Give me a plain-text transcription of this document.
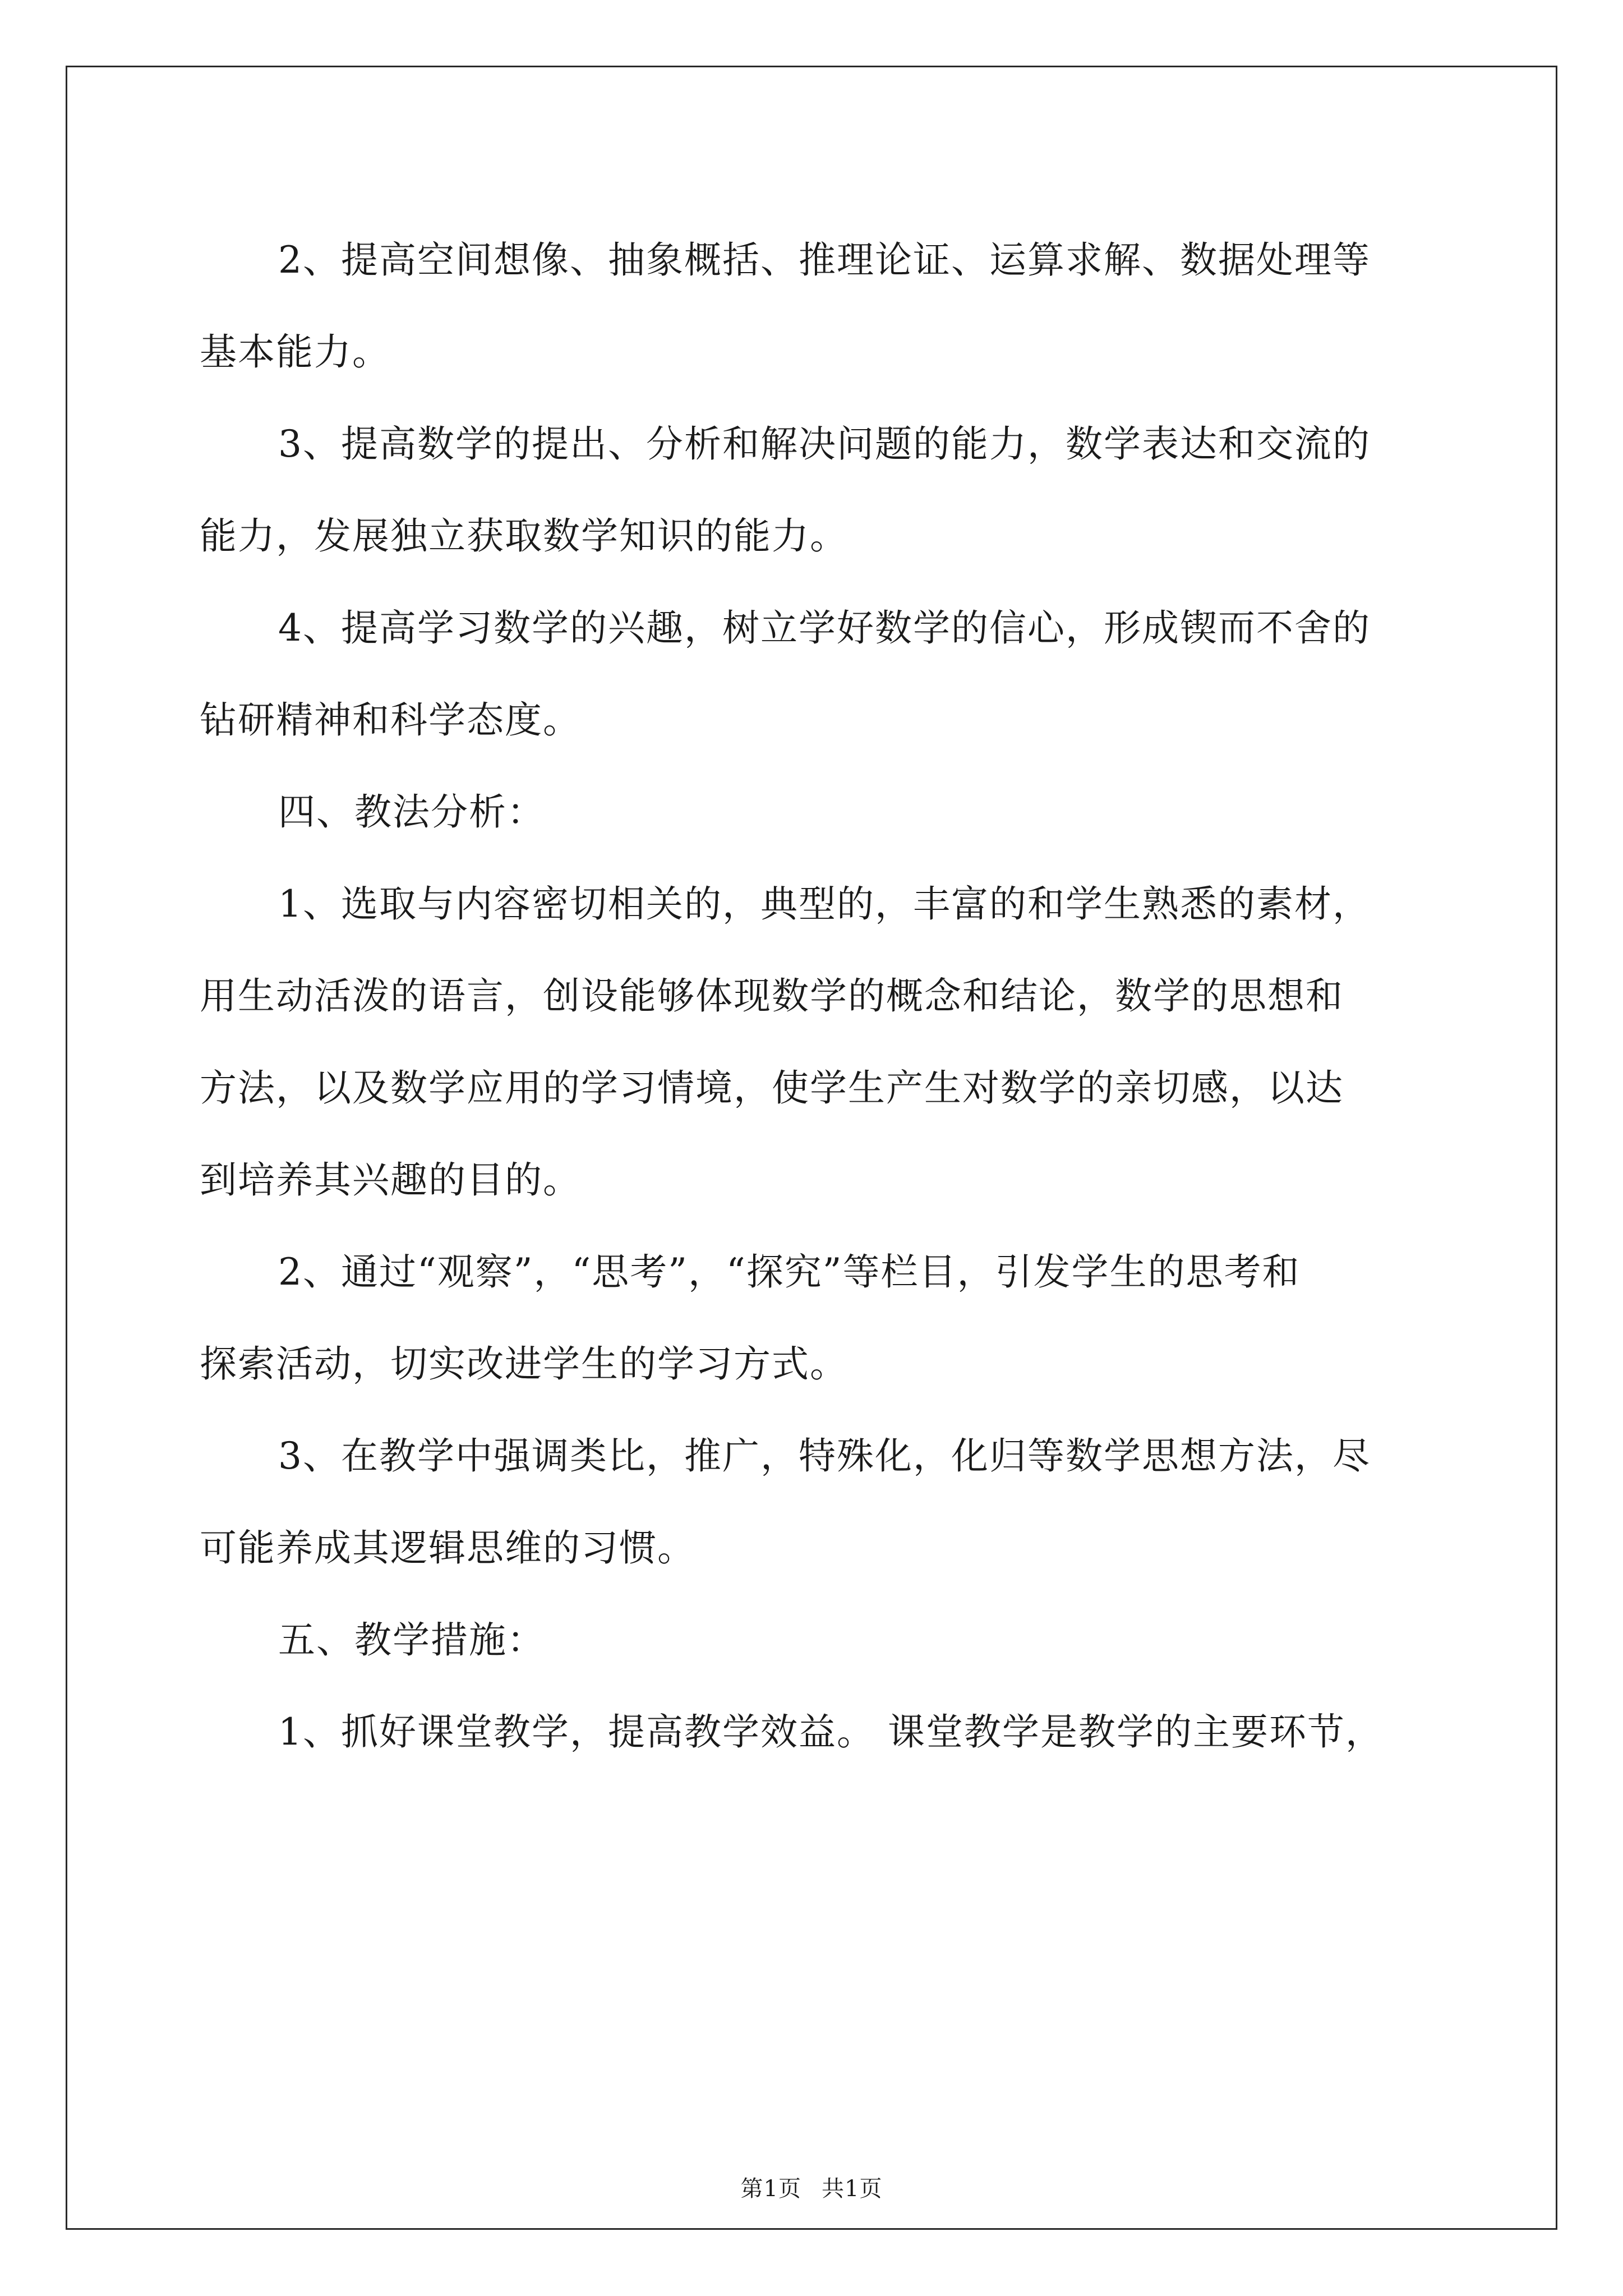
2、提高空间想像、抽象概括、推理论证、运算求解、数据处理等
基本能力。
3、提高数学的提出、分析和解决问题的能力，数学表达和交流的
能力，发展独立获取数学知识的能力。
4、提高学习数学的兴趣，树立学好数学的信心，形成锲而不舍的
钻研精神和科学态度。
四、教法分析：
1、选取与内容密切相关的，典型的，丰富的和学生熟悉的素材，
用生动活泼的语言，创设能够体现数学的概念和结论，数学的思想和
方法，以及数学应用的学习情境，使学生产生对数学的亲切感，以达
到培养其兴趣的目的。
2、通过“观察”，“思考”，“探究”等栏目，引发学生的思考和
探索活动，切实改进学生的学习方式。
3、在教学中强调类比，推广，特殊化，化归等数学思想方法，尽
可能养成其逻辑思维的习惯。
五、教学措施：
1、抓好课堂教学，提高教学效益。 课堂教学是教学的主要环节，
第1页 共1页
